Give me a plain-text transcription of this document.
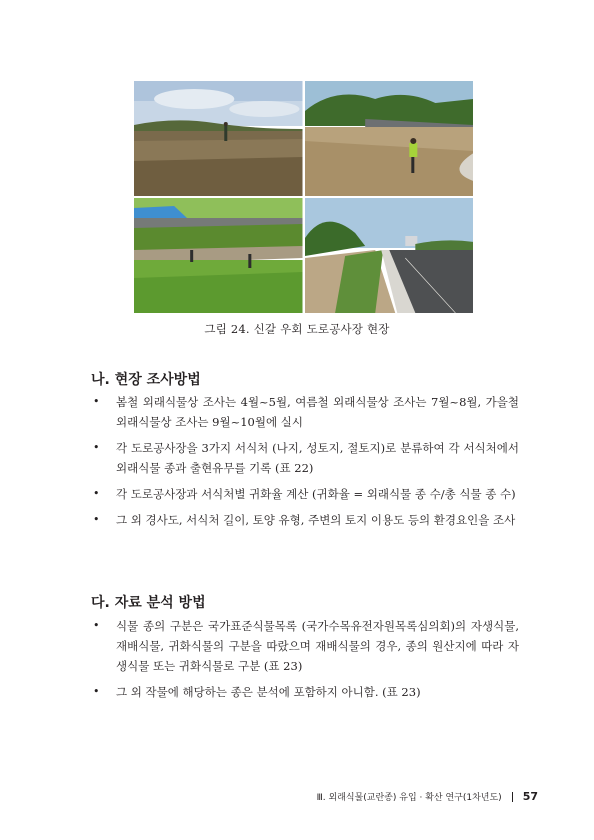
그림 24. 신갈 우회 도로공사장 현장
나. 현장 조사방법
• 봄철 외래식물상 조사는 4월~5월, 여름철 외래식물상 조사는 7월~8월, 가을철 외래식물상 조사는 9월~10월에 실시
• 각 도로공사장을 3가지 서식처 (나지, 성토지, 절토지)로 분류하여 각 서식처에서 외래식물 종과 출현유무를 기록 (표 22)
• 각 도로공사장과 서식처별 귀화율 계산 (귀화율 = 외래식물 종 수/총 식물 종 수)
• 그 외 경사도, 서식처 길이, 토양 유형, 주변의 토지 이용도 등의 환경요인을 조사
다. 자료 분석 방법
• 식물 종의 구분은 국가표준식물목록 (국가수목유전자원목록심의회)의 자생식물, 재배식물, 귀화식물의 구분을 따랐으며 재배식물의 경우, 종의 원산지에 따라 자생식물 또는 귀화식물로 구분 (표 23)
• 그 외 작물에 해당하는 종은 분석에 포함하지 아니함. (표 23)
Ⅲ. 외래식물(교란종) 유입 · 확산 연구(1차년도) 57
